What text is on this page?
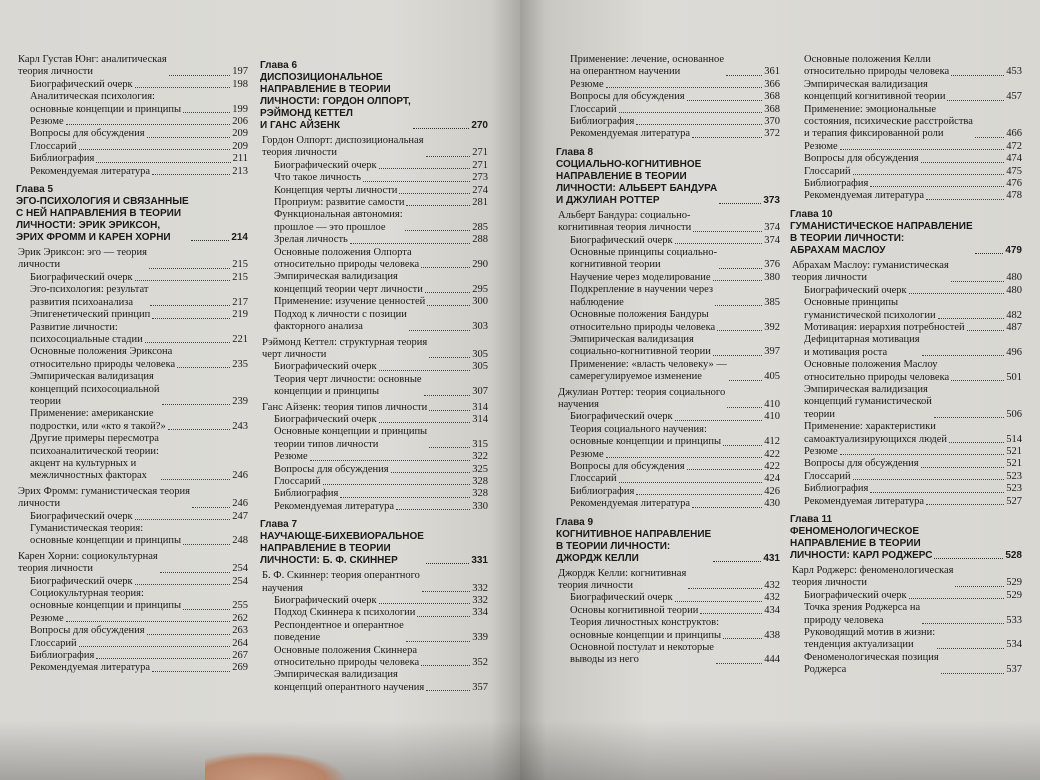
Карл Густав Юнг: аналитическая
теория личности	197
Биографический очерк	198
Аналитическая психология:
основные концепции и принципы	199
Резюме	206
Вопросы для обсуждения	209
Глоссарий	209
Библиография	211
Рекомендуемая литература	213
Глава 5
ЭГО-ПСИХОЛОГИЯ И СВЯЗАННЫЕ
С НЕЙ НАПРАВЛЕНИЯ В ТЕОРИИ
ЛИЧНОСТИ: ЭРИК ЭРИКСОН,
ЭРИХ ФРОММ И КАРЕН ХОРНИ	214
Эрик Эриксон: эго — теория
личности	215
Биографический очерк	215
Эго-психология: результат
развития психоанализа	217
Эпигенетический принцип	219
Развитие личности:
психосоциальные стадии	221
Основные положения Эриксона
относительно природы человека	235
Эмпирическая валидизация
концепций психосоциальной
теории	239
Применение: американские
подростки, или «кто я такой?»	243
Другие примеры пересмотра
психоаналитической теории:
акцент на культурных и
межличностных факторах	246
Эрих Фромм: гуманистическая теория
личности	246
Биографический очерк	247
Гуманистическая теория:
основные концепции и принципы	248
Карен Хорни: социокультурная
теория личности	254
Биографический очерк	254
Социокультурная теория:
основные концепции и принципы	255
Резюме	262
Вопросы для обсуждения	263
Глоссарий	264
Библиография	267
Рекомендуемая литература	269
Глава 6
ДИСПОЗИЦИОНАЛЬНОЕ
НАПРАВЛЕНИЕ В ТЕОРИИ
ЛИЧНОСТИ: ГОРДОН ОЛПОРТ,
РЭЙМОНД КЕТТЕЛ
И ГАНС АЙЗЕНК	270
Гордон Олпорт: диспозициональная
теория личности	271
Биографический очерк	271
Что такое личность	273
Концепция черты личности	274
Проприум: развитие самости	281
Функциональная автономия:
прошлое — это прошлое	285
Зрелая личность	288
Основные положения Олпорта
относительно природы человека	290
Эмпирическая валидизация
концепций теории черт личности	295
Применение: изучение ценностей	300
Подход к личности с позиции
факторного анализа	303
Рэймонд Кеттел: структурная теория
черт личности	305
Биографический очерк	305
Теория черт личности: основные
концепции и принципы	307
Ганс Айзенк: теория типов личности	314
Биографический очерк	314
Основные концепции и принципы
теории типов личности	315
Резюме	322
Вопросы для обсуждения	325
Глоссарий	328
Библиография	328
Рекомендуемая литература	330
Глава 7
НАУЧАЮЩЕ-БИХЕВИОРАЛЬНОЕ
НАПРАВЛЕНИЕ В ТЕОРИИ
ЛИЧНОСТИ: Б. Ф. СКИННЕР	331
Б. Ф. Скиннер: теория оперантного
научения	332
Биографический очерк	332
Подход Скиннера к психологии	334
Респондентное и оперантное
поведение	339
Основные положения Скиннера
относительно природы человека	352
Эмпирическая валидизация
концепций оперантного научения	357
Применение: лечение, основанное
на оперантном научении	361
Резюме	366
Вопросы для обсуждения	368
Глоссарий	368
Библиография	370
Рекомендуемая литература	372
Глава 8
СОЦИАЛЬНО-КОГНИТИВНОЕ
НАПРАВЛЕНИЕ В ТЕОРИИ
ЛИЧНОСТИ: АЛЬБЕРТ БАНДУРА
И ДЖУЛИАН РОТТЕР	373
Альберт Бандура: социально-
когнитивная теория личности	374
Биографический очерк	374
Основные принципы социально-
когнитивной теории	376
Научение через моделирование	380
Подкрепление в научении через
наблюдение	385
Основные положения Бандуры
относительно природы человека	392
Эмпирическая валидизация
социально-когнитивной теории	397
Применение: «власть человеку» —
самерегулируемое изменение	405
Джулиан Роттер: теория социального
научения	410
Биографический очерк	410
Теория социального научения:
основные концепции и принципы	412
Резюме	422
Вопросы для обсуждения	422
Глоссарий	424
Библиография	426
Рекомендуемая литература	430
Глава 9
КОГНИТИВНОЕ НАПРАВЛЕНИЕ
В ТЕОРИИ ЛИЧНОСТИ:
ДЖОРДЖ КЕЛЛИ	431
Джордж Келли: когнитивная
теория личности	432
Биографический очерк	432
Основы когнитивной теории	434
Теория личностных конструктов:
основные концепции и принципы	438
Основной постулат и некоторые
выводы из него	444
Основные положения Келли
относительно природы человека	453
Эмпирическая валидизация
концепций когнитивной теории	457
Применение: эмоциональные
состояния, психические расстройства
и терапия фиксированной роли	466
Резюме	472
Вопросы для обсуждения	474
Глоссарий	475
Библиография	476
Рекомендуемая литература	478
Глава 10
ГУМАНИСТИЧЕСКОЕ НАПРАВЛЕНИЕ
В ТЕОРИИ ЛИЧНОСТИ:
АБРАХАМ МАСЛОУ	479
Абрахам Маслоу: гуманистическая
теория личности	480
Биографический очерк	480
Основные принципы
гуманистической психологии	482
Мотивация: иерархия потребностей	487
Дефицитарная мотивация
и мотивация роста	496
Основные положения Маслоу
относительно природы человека	501
Эмпирическая валидизация
концепций гуманистической
теории	506
Применение: характеристики
самоактуализирующихся людей	514
Резюме	521
Вопросы для обсуждения	521
Глоссарий	523
Библиография	523
Рекомендуемая литература	527
Глава 11
ФЕНОМЕНОЛОГИЧЕСКОЕ
НАПРАВЛЕНИЕ В ТЕОРИИ
ЛИЧНОСТИ: КАРЛ РОДЖЕРС	528
Карл Роджерс: феноменологическая
теория личности	529
Биографический очерк	529
Точка зрения Роджерса на
природу человека	533
Руководящий мотив в жизни:
тенденция актуализации	534
Феноменологическая позиция
Роджерса	537
